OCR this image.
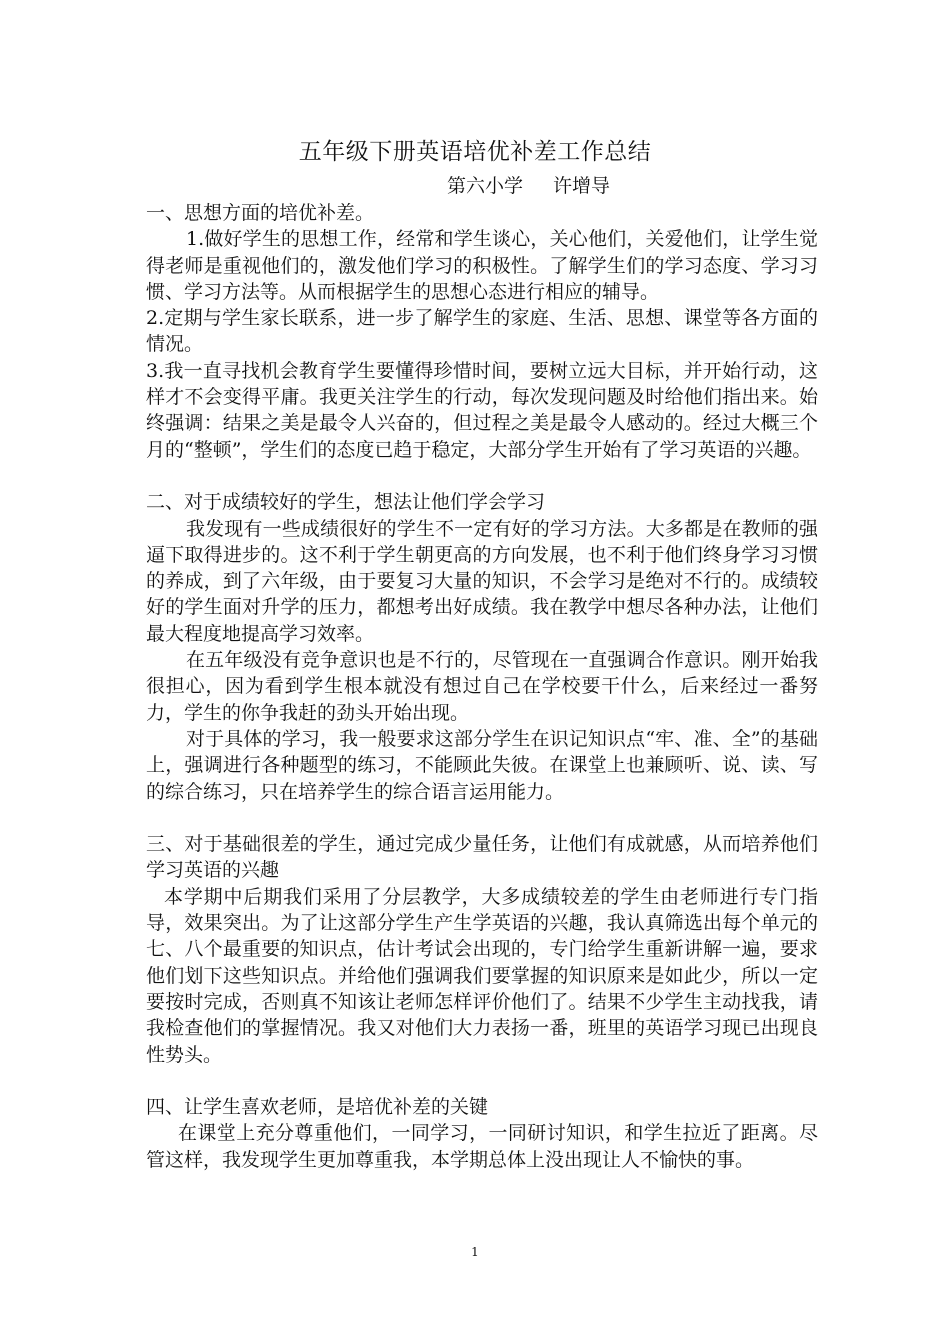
五年级下册英语培优补差工作总结
第六小学 许增导

一、思想方面的培优补差。

1.做好学生的思想工作，经常和学生谈心，关心他们，关爱他们，让学生觉得老师是重视他们的，激发他们学习的积极性。了解学生们的学习态度、学习习惯、学习方法等。从而根据学生的思想心态进行相应的辅导。

2.定期与学生家长联系，进一步了解学生的家庭、生活、思想、课堂等各方面的情况。

3.我一直寻找机会教育学生要懂得珍惜时间，要树立远大目标，并开始行动，这样才不会变得平庸。我更关注学生的行动，每次发现问题及时给他们指出来。始终强调：结果之美是最令人兴奋的，但过程之美是最令人感动的。经过大概三个月的“整顿”，学生们的态度已趋于稳定，大部分学生开始有了学习英语的兴趣。

二、对于成绩较好的学生，想法让他们学会学习

我发现有一些成绩很好的学生不一定有好的学习方法。大多都是在教师的强逼下取得进步的。这不利于学生朝更高的方向发展，也不利于他们终身学习习惯的养成，到了六年级，由于要复习大量的知识，不会学习是绝对不行的。成绩较好的学生面对升学的压力，都想考出好成绩。我在教学中想尽各种办法，让他们最大程度地提高学习效率。

在五年级没有竞争意识也是不行的，尽管现在一直强调合作意识。刚开始我很担心，因为看到学生根本就没有想过自己在学校要干什么，后来经过一番努力，学生的你争我赶的劲头开始出现。

对于具体的学习，我一般要求这部分学生在识记知识点“牢、准、全”的基础上，强调进行各种题型的练习，不能顾此失彼。在课堂上也兼顾听、说、读、写的综合练习，只在培养学生的综合语言运用能力。

三、对于基础很差的学生，通过完成少量任务，让他们有成就感，从而培养他们学习英语的兴趣

本学期中后期我们采用了分层教学，大多成绩较差的学生由老师进行专门指导，效果突出。为了让这部分学生产生学英语的兴趣，我认真筛选出每个单元的七、八个最重要的知识点，估计考试会出现的，专门给学生重新讲解一遍，要求他们划下这些知识点。并给他们强调我们要掌握的知识原来是如此少，所以一定要按时完成，否则真不知该让老师怎样评价他们了。结果不少学生主动找我，请我检查他们的掌握情况。我又对他们大力表扬一番，班里的英语学习现已出现良性势头。

四、让学生喜欢老师，是培优补差的关键

在课堂上充分尊重他们，一同学习，一同研讨知识，和学生拉近了距离。尽管这样，我发现学生更加尊重我，本学期总体上没出现让人不愉快的事。

1
